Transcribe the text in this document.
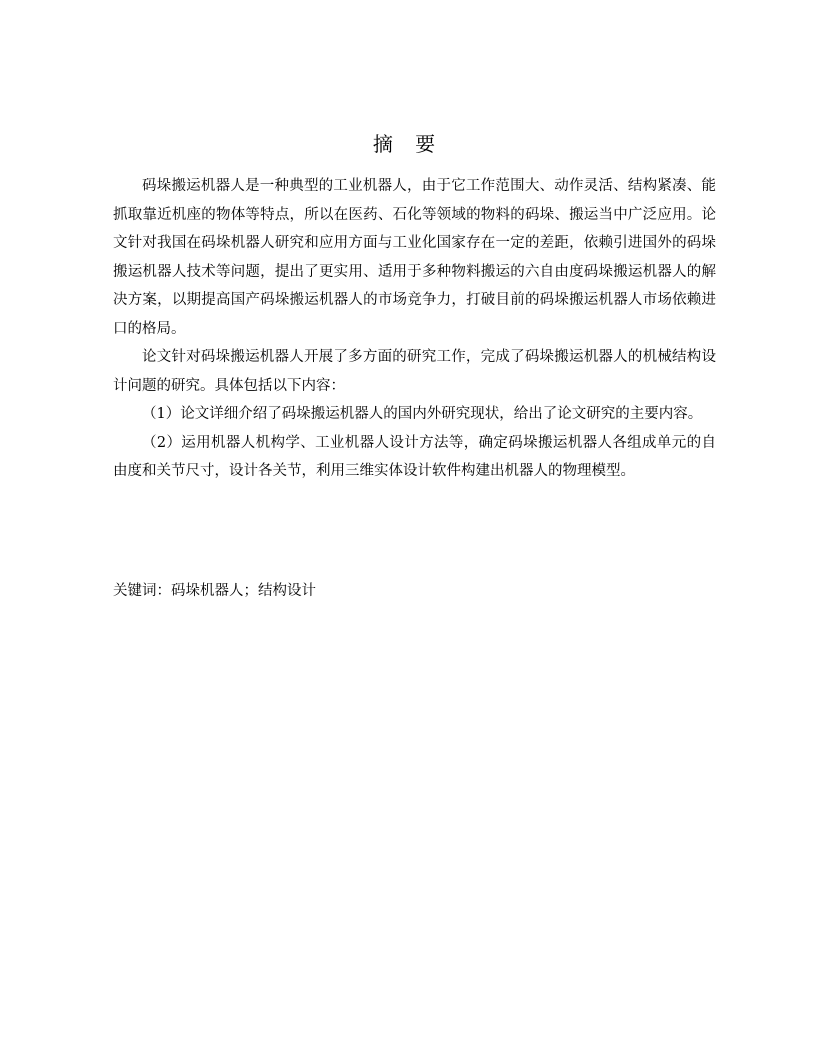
摘 要

码垛搬运机器人是一种典型的工业机器人，由于它工作范围大、动作灵活、结构紧凑、能抓取靠近机座的物体等特点，所以在医药、石化等领域的物料的码垛、搬运当中广泛应用。论文针对我国在码垛机器人研究和应用方面与工业化国家存在一定的差距，依赖引进国外的码垛搬运机器人技术等问题，提出了更实用、适用于多种物料搬运的六自由度码垛搬运机器人的解决方案，以期提高国产码垛搬运机器人的市场竞争力，打破目前的码垛搬运机器人市场依赖进口的格局。

论文针对码垛搬运机器人开展了多方面的研究工作，完成了码垛搬运机器人的机械结构设计问题的研究。具体包括以下内容：

（1）论文详细介绍了码垛搬运机器人的国内外研究现状，给出了论文研究的主要内容。

（2）运用机器人机构学、工业机器人设计方法等，确定码垛搬运机器人各组成单元的自由度和关节尺寸，设计各关节，利用三维实体设计软件构建出机器人的物理模型。

关键词：码垛机器人；结构设计
